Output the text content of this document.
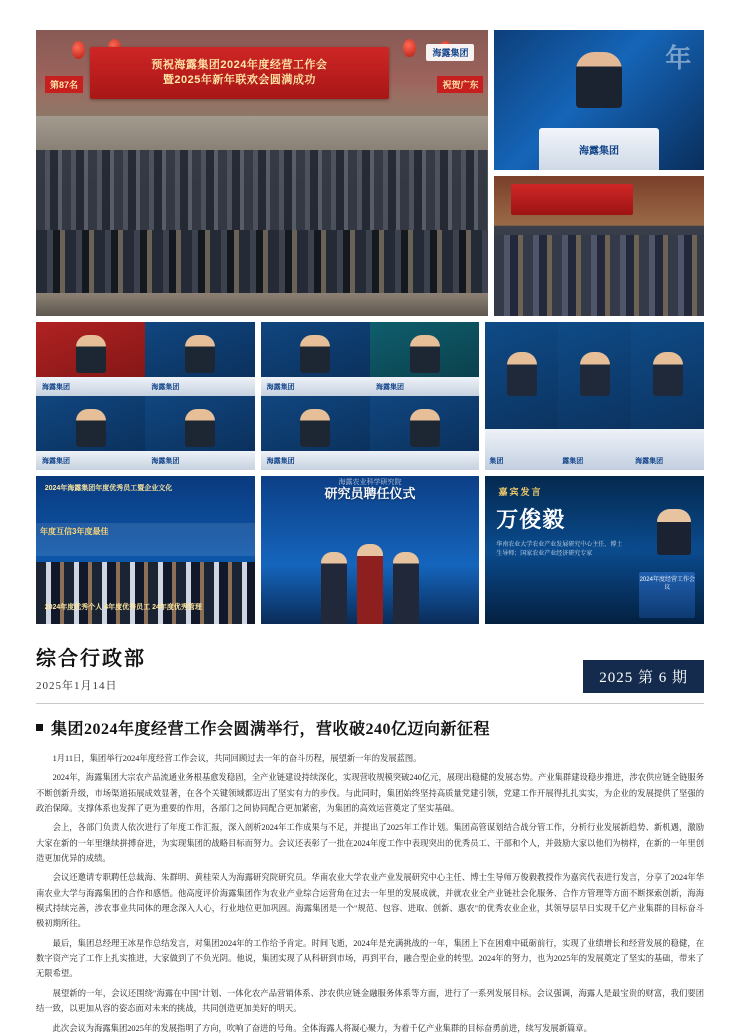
第87名	祝贺广东
海露集团
预祝海露集团2024年度经营工作会
暨2025年新年联欢会圆满成功
年
海露集团
海露集团	海露集团
海露集团	海露集团
海露集团	海露集团
海露集团	集团	露集团	海露集团
2024年海露集团年度优秀员工暨企业文化
年度互信3年度最佳
2024年度优秀个人 4年度优秀员工 24年度优秀管理
海露农业科学研究院
研究员聘任仪式	嘉宾发言
万俊毅
华南农业大学农业产业发展研究中心主任、博士生导师；国家农业产业经济研究专家
2024年度经营工作会议
综合行政部
2025年1月14日	2025 第 6 期
集团2024年度经营工作会圆满举行，营收破240亿迈向新征程

1月11日，集团举行2024年度经营工作会议，共同回顾过去一年的奋斗历程，展望新一年的发展蓝图。

2024年，海露集团大宗农产品流通业务根基愈发稳固，全产业链建设持续深化，实现营收规模突破240亿元，展现出稳健的发展态势。产业集群建设稳步推进，涉农供应链全链服务不断创新升级，市场渠道拓展成效显著，在各个关键领域都迈出了坚实有力的步伐。与此同时，集团始终坚持高质量党建引领，党建工作开展得扎扎实实，为企业的发展提供了坚强的政治保障。支撑体系也发挥了更为重要的作用，各部门之间协同配合更加紧密，为集团的高效运营奠定了坚实基础。

会上，各部门负责人依次进行了年度工作汇报，深入剖析2024年工作成果与不足，并提出了2025年工作计划。集团高管谋划结合战分管工作，分析行业发展新趋势、新机遇，激励大家在新的一年里继续拼搏奋进，为实现集团的战略目标而努力。会议还表彰了一批在2024年度工作中表现突出的优秀员工、干部和个人，并鼓励大家以他们为榜样，在新的一年里创造更加优异的成绩。

会议还邀请专职聘任总裁海、朱群明、黄桂荣人为海露研究院研究员。华南农业大学农业产业发展研究中心主任、博士生导师万俊毅教授作为嘉宾代表进行发言，分享了2024年华南农业大学与海露集团的合作和感悟。他高度评价海露集团作为农业产业综合运营角在过去一年里的发展成就，并就农业全产业链社会化服务、合作方管理等方面不断探索创新，海海模式持续完善，涉农事业共同体的理念深入人心，行业地位更加巩固。海露集团是一个"规范、包容、进取、创新、惠农"的优秀农业企业，其领导层早日实现千亿产业集群的目标奋斗极初期所往。

最后，集团总经理王冰星作总结发言，对集团2024年的工作给予肯定。时间飞逝，2024年是充满挑战的一年，集团上下在困难中砥砺前行，实现了业绩增长和经营发展的稳健，在数字资产完了工作上扎实推进，大家做到了不负光阴。他说，集团实现了从科研到市场，再到平台，融合型企业的转型。2024年的努力，也为2025年的发展奠定了坚实的基础，带来了无限希望。

展望新的一年，会议还围绕"海露在中国"计划、一体化农产品营销体系、涉农供应链金融服务体系等方面，进行了一系列发展目标。会议强调，海露人是最宝贵的财富，我们要团结一致，以更加从容的姿态面对未来的挑战，共同创造更加美好的明天。

此次会议为海露集团2025年的发展指明了方向，吹响了奋进的号角。全体海露人将凝心聚力，为着千亿产业集群的目标奋勇前进，续写发展新篇章。
